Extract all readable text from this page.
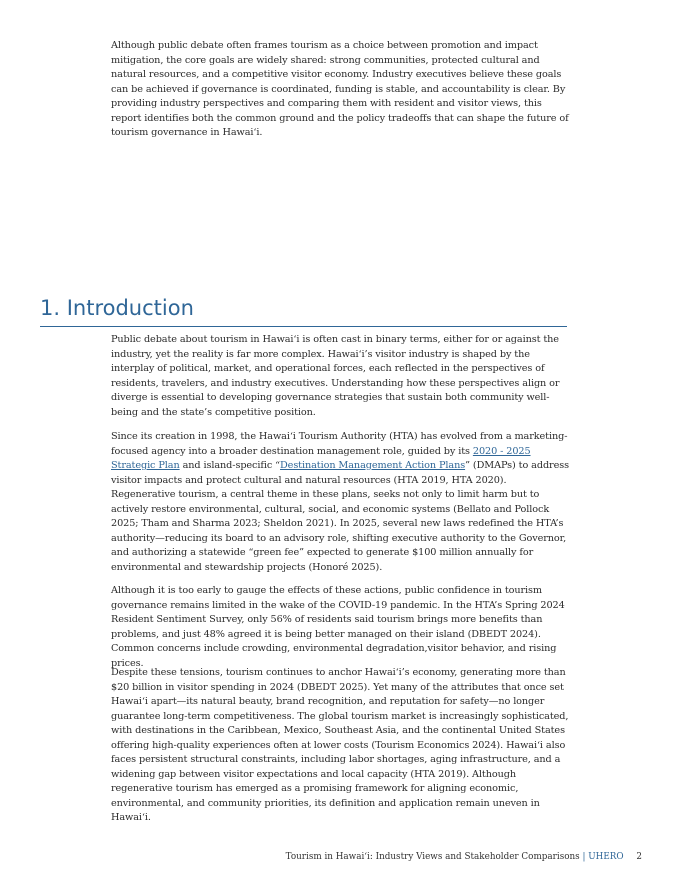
Although public debate often frames tourism as a choice between promotion and impact mitigation, the core goals are widely shared: strong communities, protected cultural and natural resources, and a competitive visitor economy. Industry executives believe these goals can be achieved if governance is coordinated, funding is stable, and accountability is clear. By providing industry perspectives and comparing them with resident and visitor views, this report identifies both the common ground and the policy tradeoffs that can shape the future of tourism governance in Hawai‘i.

1. Introduction

Public debate about tourism in Hawai‘i is often cast in binary terms, either for or against the industry, yet the reality is far more complex. Hawai‘i’s visitor industry is shaped by the interplay of political, market, and operational forces, each reflected in the perspectives of residents, travelers, and industry executives. Understanding how these perspectives align or diverge is essential to developing governance strategies that sustain both community well-being and the state’s competitive position.

Since its creation in 1998, the Hawai‘i Tourism Authority (HTA) has evolved from a marketing-focused agency into a broader destination management role, guided by its 2020 - 2025 Strategic Plan and island-specific “Destination Management Action Plans” (DMAPs) to address visitor impacts and protect cultural and natural resources (HTA 2019, HTA 2020). Regenerative tourism, a central theme in these plans, seeks not only to limit harm but to actively restore environmental, cultural, social, and economic systems (Bellato and Pollock 2025; Tham and Sharma 2023; Sheldon 2021). In 2025, several new laws redefined the HTA’s authority—reducing its board to an advisory role, shifting executive authority to the Governor, and authorizing a statewide “green fee” expected to generate $100 million annually for environmental and stewardship projects (Honoré 2025).

Although it is too early to gauge the effects of these actions, public confidence in tourism governance remains limited in the wake of the COVID-19 pandemic. In the HTA’s Spring 2024 Resident Sentiment Survey, only 56% of residents said tourism brings more benefits than problems, and just 48% agreed it is being better managed on their island (DBEDT 2024). Common concerns include crowding, environmental degradation,visitor behavior, and rising prices.

Despite these tensions, tourism continues to anchor Hawai‘i’s economy, generating more than $20 billion in visitor spending in 2024 (DBEDT 2025). Yet many of the attributes that once set Hawai‘i apart—its natural beauty, brand recognition, and reputation for safety—no longer guarantee long-term competitiveness. The global tourism market is increasingly sophisticated, with destinations in the Caribbean, Mexico, Southeast Asia, and the continental United States offering high-quality experiences often at lower costs (Tourism Economics 2024). Hawai‘i also faces persistent structural constraints, including labor shortages, aging infrastructure, and a widening gap between visitor expectations and local capacity (HTA 2019). Although regenerative tourism has emerged as a promising framework for aligning economic, environmental, and community priorities, its definition and application remain uneven in Hawai‘i.

Tourism in Hawai‘i: Industry Views and Stakeholder Comparisons | UHERO 2
